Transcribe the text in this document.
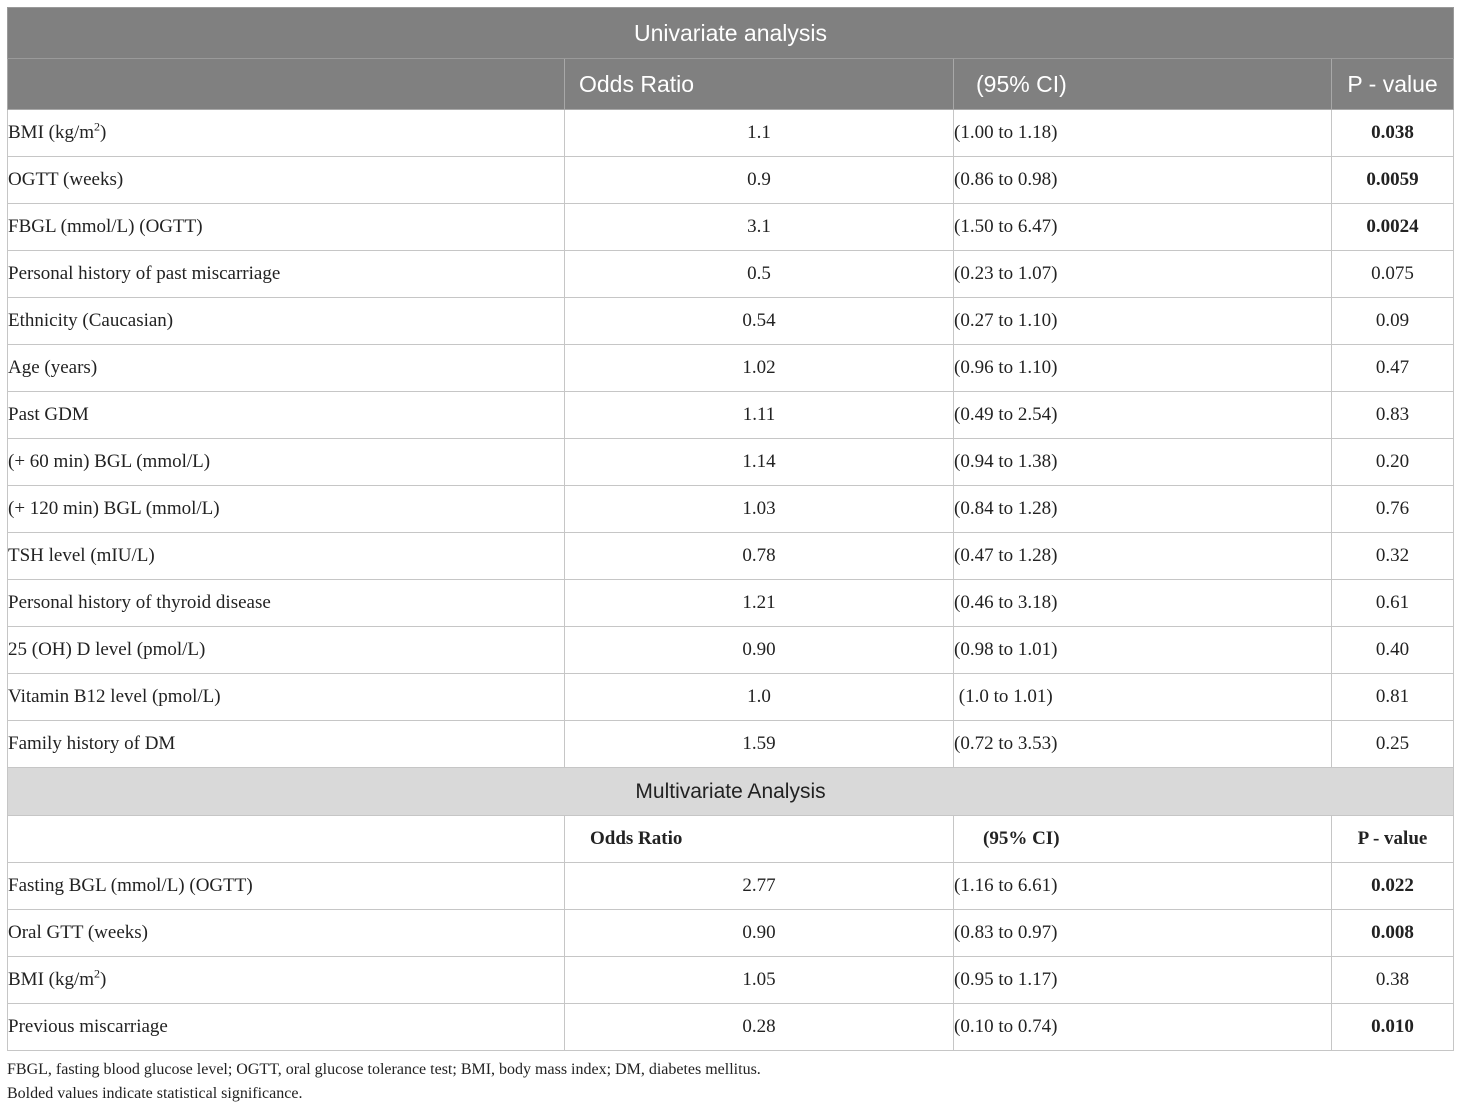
Univariate analysis			
	Odds Ratio	(95% CI)	P - value
BMI $(kg/m^2)$	1.1	(1.00 to 1.18)	0.038
OGTT (weeks)	0.9	(0.86 to 0.98)	0.0059
FBGL (mmol/L) (OGTT)	3.1	(1.50 to 6.47)	0.0024
Personal history of past miscarriage	0.5	(0.23 to 1.07)	0.075
Ethnicity (Caucasian)	0.54	(0.27 to 1.10)	0.09
Age (years)	1.02	(0.96 to 1.10)	0.47
Past GDM	1.11	(0.49 to 2.54)	0.83
(+ 60 min) BGL (mmol/L)	1.14	(0.94 to 1.38)	0.20
(+ 120 min) BGL (mmol/L)	1.03	(0.84 to 1.28)	0.76
TSH level (mIU/L)	0.78	(0.47 to 1.28)	0.32
Personal history of thyroid disease	1.21	(0.46 to 3.18)	0.61
25 (OH) D level (pmol/L)	0.90	(0.98 to 1.01)	0.40
Vitamin B12 level (pmol/L)	1.0	(1.0 to 1.01)	0.81
Family history of DM	1.59	(0.72 to 3.53)	0.25
Multivariate Analysis			
	Odds Ratio	(95% CI)	P - value
Fasting BGL (mmol/L) (OGTT)	2.77	(1.16 to 6.61)	0.022
Oral GTT (weeks)	0.90	(0.83 to 0.97)	0.008
BMI $(kg/m^2)$	1.05	(0.95 to 1.17)	0.38
Previous miscarriage	0.28	(0.10 to 0.74)	0.010
FBGL, fasting blood glucose level; OGTT, oral glucose tolerance test; BMI, body mass index; DM, diabetes mellitus.
Bolded values indicate statistical significance.
